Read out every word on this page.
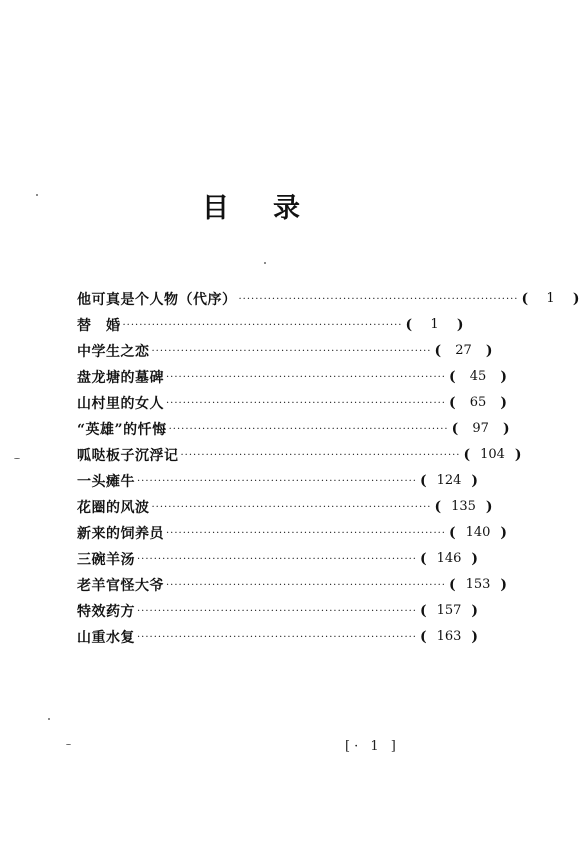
目 录
他可真是个人物（代序） ··································································· (	1	)
替　婚 ··································································· (	1	)
中学生之恋 ··································································· (	27	)
盘龙塘的墓碑 ··································································· (	45	)
山村里的女人 ··································································· (	65	)
“英雄”的忏悔 ··································································· (	97	)
呱哒板子沉浮记 ··································································· ( 104 )
一头瘫牛 ··································································· ( 124 )
花圈的风波 ··································································· ( 135 )
新来的饲养员 ··································································· ( 140 )
三碗羊汤 ··································································· ( 146 )
老羊官怪大爷 ··································································· ( 153 )
特效药方 ··································································· ( 157 )
山重水复 ··································································· ( 163 )
[· 1 ]
